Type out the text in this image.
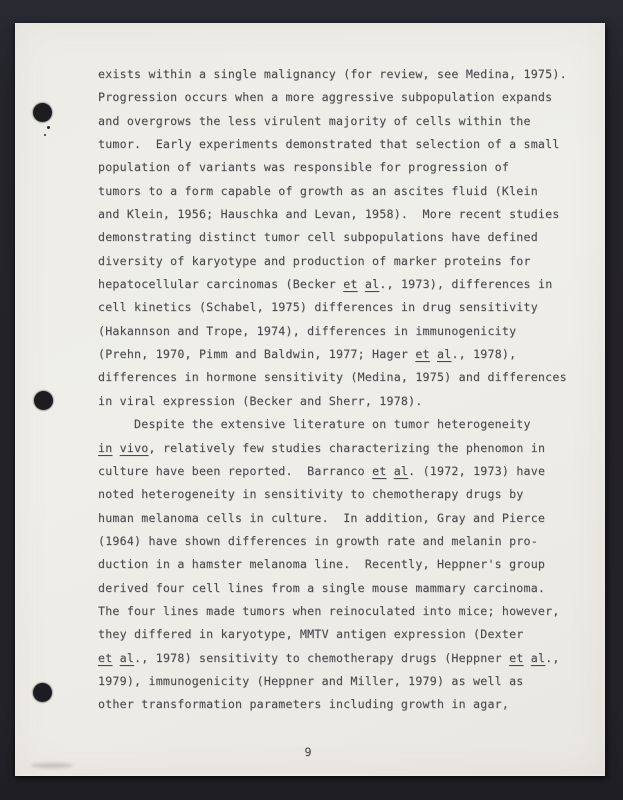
exists within a single malignancy (for review, see Medina, 1975).
Progression occurs when a more aggressive subpopulation expands
and overgrows the less virulent majority of cells within the
tumor.  Early experiments demonstrated that selection of a small
population of variants was responsible for progression of
tumors to a form capable of growth as an ascites fluid (Klein
and Klein, 1956; Hauschka and Levan, 1958).  More recent studies
demonstrating distinct tumor cell subpopulations have defined
diversity of karyotype and production of marker proteins for
hepatocellular carcinomas (Becker et al., 1973), differences in
cell kinetics (Schabel, 1975) differences in drug sensitivity
(Hakannson and Trope, 1974), differences in immunogenicity
(Prehn, 1970, Pimm and Baldwin, 1977; Hager et al., 1978),
differences in hormone sensitivity (Medina, 1975) and differences
in viral expression (Becker and Sherr, 1978).
Despite the extensive literature on tumor heterogeneity
in vivo, relatively few studies characterizing the phenomon in
culture have been reported.  Barranco et al. (1972, 1973) have
noted heterogeneity in sensitivity to chemotherapy drugs by
human melanoma cells in culture.  In addition, Gray and Pierce
(1964) have shown differences in growth rate and melanin pro-
duction in a hamster melanoma line.  Recently, Heppner's group
derived four cell lines from a single mouse mammary carcinoma.
The four lines made tumors when reinoculated into mice; however,
they differed in karyotype, MMTV antigen expression (Dexter
et al., 1978) sensitivity to chemotherapy drugs (Heppner et al.,
1979), immunogenicity (Heppner and Miller, 1979) as well as
other transformation parameters including growth in agar,
9
